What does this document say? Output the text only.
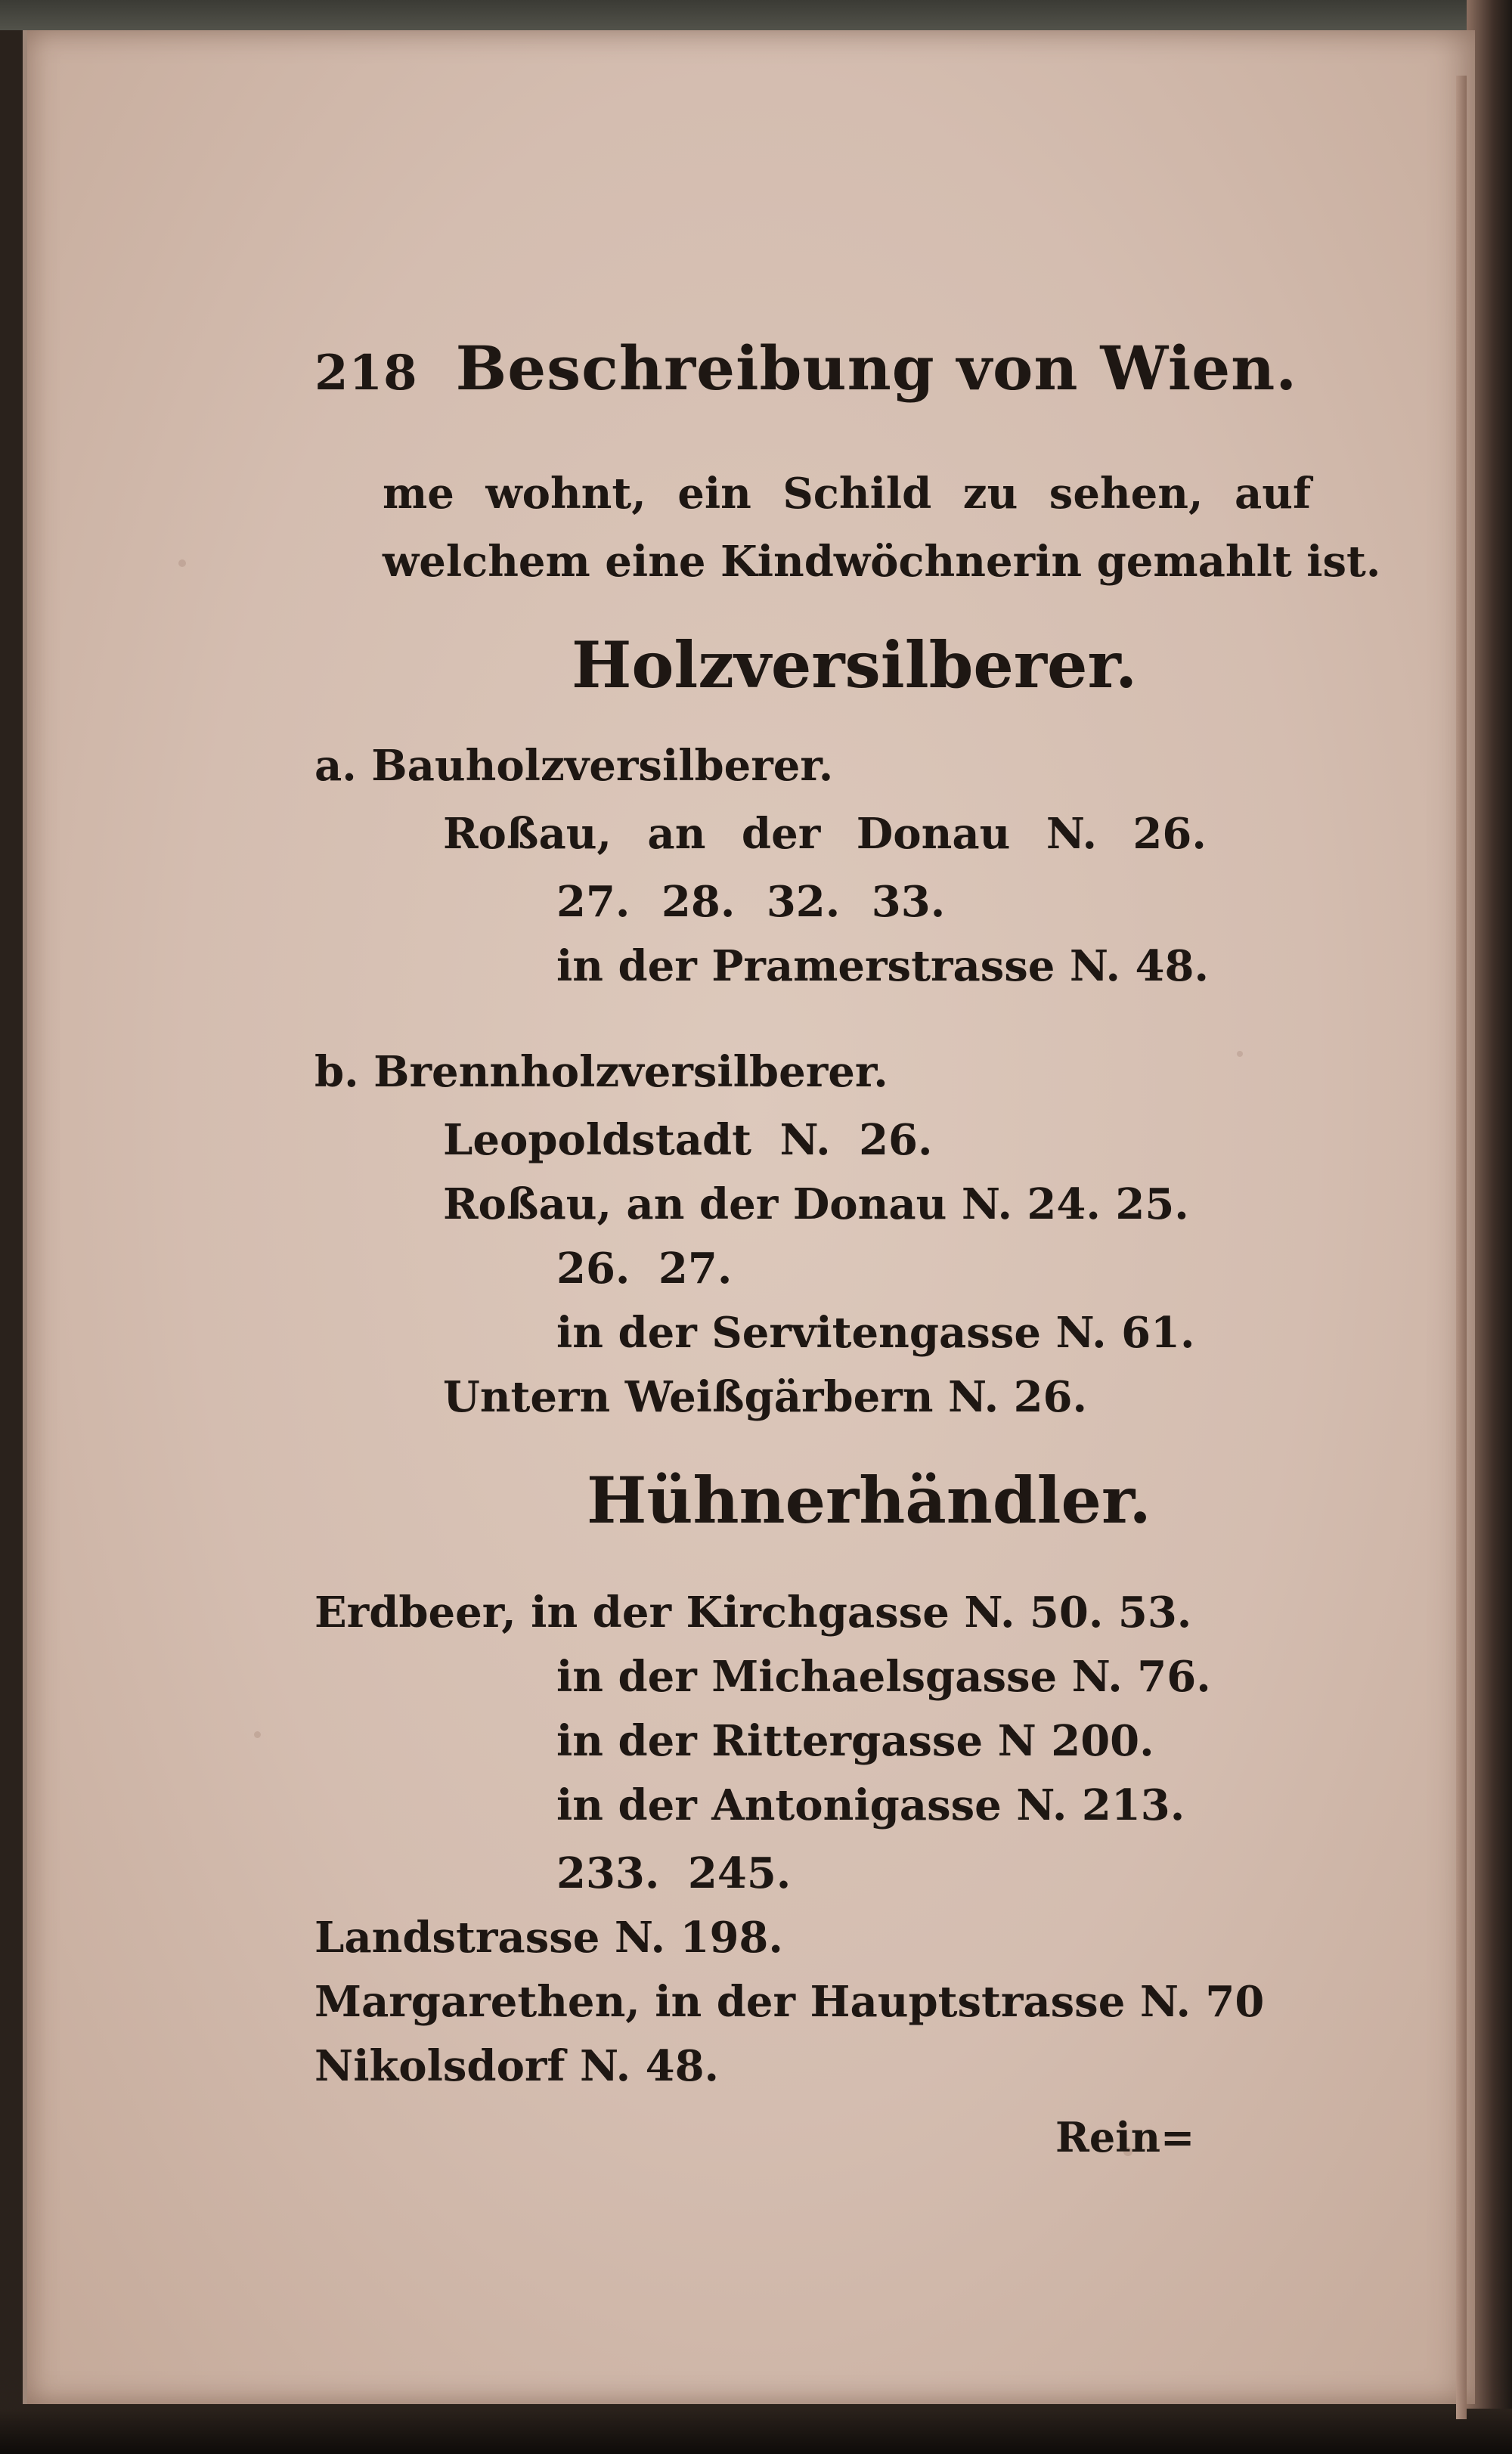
218 Beschreibung von Wien.
me wohnt, ein Schild zu sehen, auf
welchem eine Kindwöchnerin gemahlt ist.
Holzversilberer.
a. Bauholzversilberer.
Roßau, an der Donau N. 26.
27. 28. 32. 33.
in der Pramerstrasse N. 48.
b. Brennholzversilberer.
Leopoldstadt N. 26.
Roßau, an der Donau N. 24. 25.
26. 27.
in der Servitengasse N. 61.
Untern Weißgärbern N. 26.
Hühnerhändler.
Erdbeer, in der Kirchgasse N. 50. 53.
in der Michaelsgasse N. 76.
in der Rittergasse N 200.
in der Antonigasse N. 213.
233. 245.
Landstrasse N. 198.
Margarethen, in der Hauptstrasse N. 70
Nikolsdorf N. 48.
Rein=
